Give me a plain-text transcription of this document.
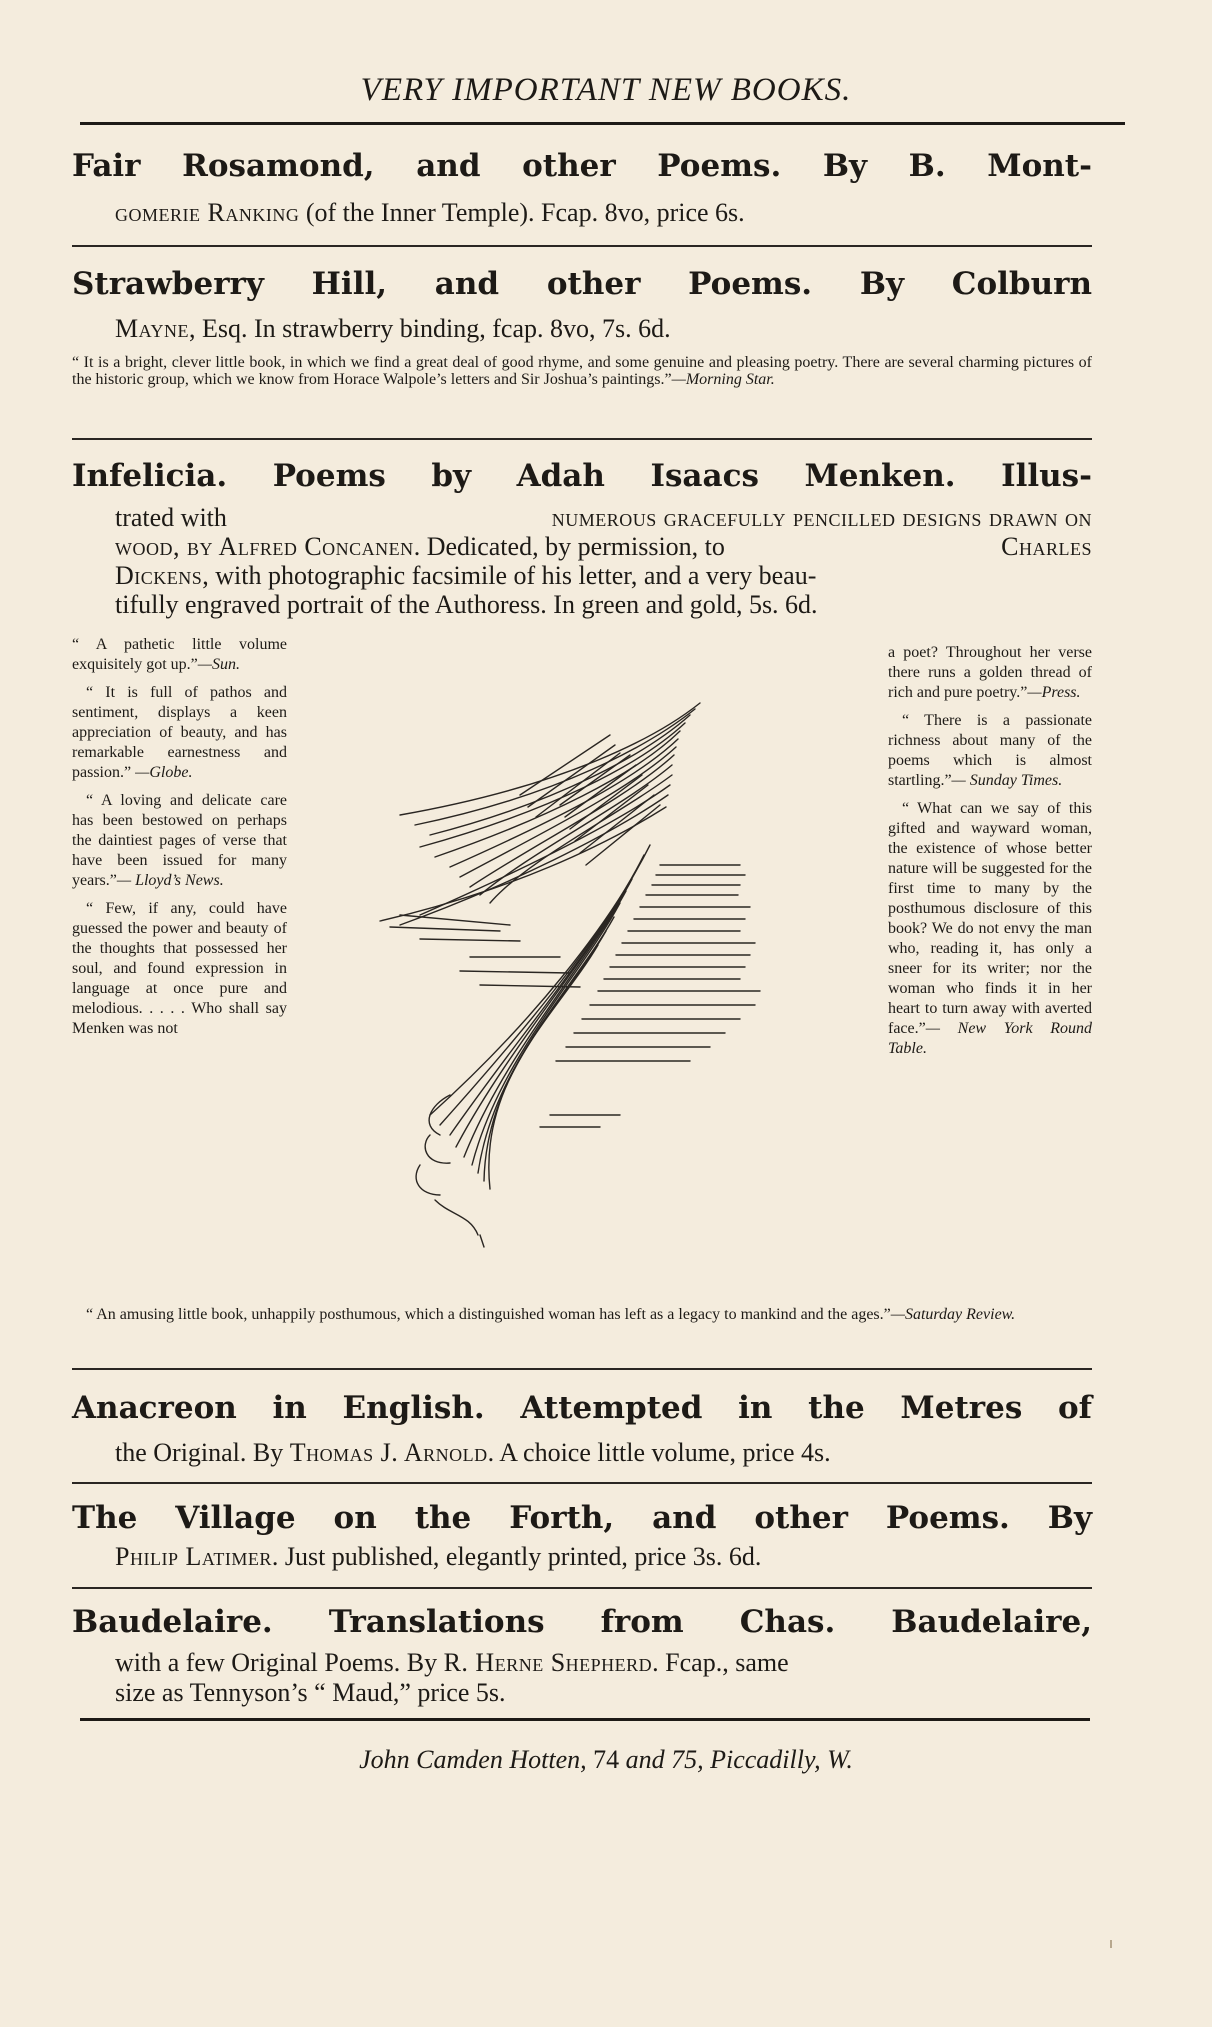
VERY IMPORTANT NEW BOOKS.
Fair Rosamond, and other Poems. By B. Mont-
gomerie Ranking (of the Inner Temple). Fcap. 8vo, price 6s.
Strawberry Hill, and other Poems. By Colburn
Mayne, Esq. In strawberry binding, fcap. 8vo, 7s. 6d.
“ It is a bright, clever little book, in which we find a great deal of good rhyme, and some genuine and pleasing poetry. There are several charming pictures of the historic group, which we know from Horace Walpole’s letters and Sir Joshua’s paintings.”—Morning Star.
Infelicia. Poems by Adah Isaacs Menken. Illus-
trated with	numerous gracefully pencilled designs drawn on
wood, by Alfred Concanen . Dedicated, by permission, to	Charles
Dickens, with photographic facsimile of his letter, and a very beau-
tifully engraved portrait of the Authoress. In green and gold, 5s. 6d.

“ A pathetic little volume exquisitely got up.”—Sun.

“ It is full of pathos and sentiment, displays a keen appreciation of beauty, and has remarkable earnestness and passion.” —Globe.

“ A loving and delicate care has been bestowed on perhaps the daintiest pages of verse that have been issued for many years.”— Lloyd’s News.

“ Few, if any, could have guessed the power and beauty of the thoughts that possessed her soul, and found expression in language at once pure and melodious. . . . . Who shall say Menken was not

a poet? Throughout her verse there runs a golden thread of rich and pure poetry.”—Press.

“ There is a passionate richness about many of the poems which is almost startling.”— Sunday Times.

“ What can we say of this gifted and wayward woman, the existence of whose better nature will be suggested for the first time to many by the posthumous disclosure of this book? We do not envy the man who, reading it, has only a sneer for its writer; nor the woman who finds it in her heart to turn away with averted face.”— New York Round Table.

“ An amusing little book, unhappily posthumous, which a distinguished woman has left as a legacy to mankind and the ages.”—Saturday Review.
Anacreon in English. Attempted in the Metres of
the Original. By Thomas J. Arnold. A choice little volume, price 4s.
The Village on the Forth, and other Poems. By
Philip Latimer. Just published, elegantly printed, price 3s. 6d.
Baudelaire. Translations from Chas. Baudelaire,
with a few Original Poems. By R. Herne Shepherd. Fcap., same
size as Tennyson’s “ Maud,” price 5s.
John Camden Hotten, 74 and 75, Piccadilly, W.
